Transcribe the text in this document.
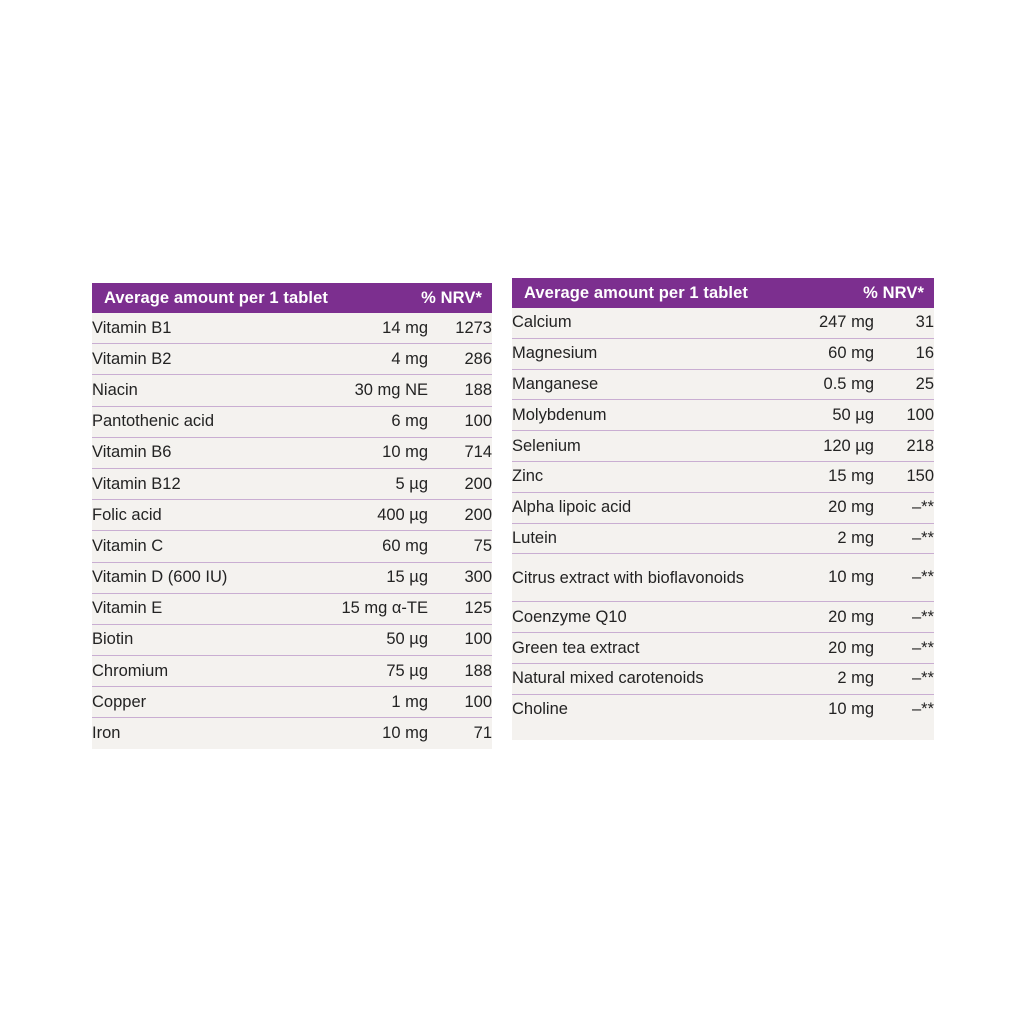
Average amount per 1 tablet	% NRV*
Vitamin B1	14 mg	1273
Vitamin B2	4 mg	286
Niacin	30 mg NE	188
Pantothenic acid	6 mg	100
Vitamin B6	10 mg	714
Vitamin B12	5 µg	200
Folic acid	400 µg	200
Vitamin C	60 mg	75
Vitamin D (600 IU)	15 µg	300
Vitamin E	15 mg α-TE	125
Biotin	50 µg	100
Chromium	75 µg	188
Copper	1 mg	100
Iron	10 mg	71
Average amount per 1 tablet	% NRV*
Calcium	247 mg	31
Magnesium	60 mg	16
Manganese	0.5 mg	25
Molybdenum	50 µg	100
Selenium	120 µg	218
Zinc	15 mg	150
Alpha lipoic acid	20 mg	–**
Lutein	2 mg	–**

Citrus extract with bioflavonoids	10 mg	–**
Coenzyme Q10	20 mg	–**
Green tea extract	20 mg	–**
Natural mixed carotenoids	2 mg	–**
Choline	10 mg	–**
